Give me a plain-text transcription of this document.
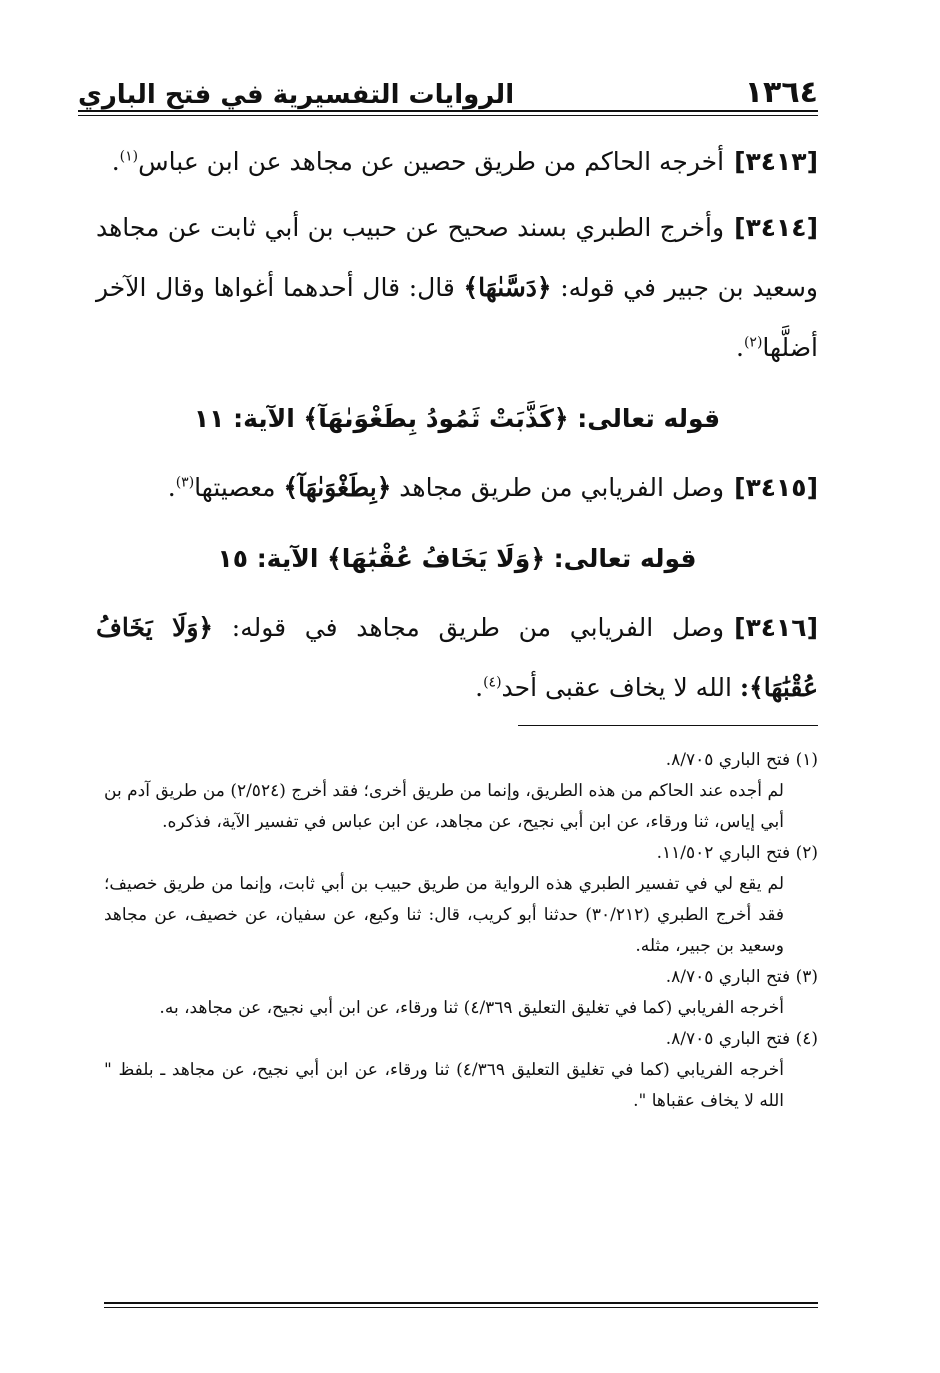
١٣٦٤
الروايات التفسيرية في فتح الباري

[٣٤١٣]أخرجه الحاكم من طريق حصين عن مجاهد عن ابن عباس$^{(١)}$.

[٣٤١٤]وأخرج الطبري بسند صحيح عن حبيب بن أبي ثابت عن مجاهد وسعيد بن جبير في قوله: ﴿دَسَّىٰهَا﴾ قال: قال أحدهما أغواها وقال الآخر أضلَّها$^{(٢)}$.

قوله تعالى: ﴿كَذَّبَتْ ثَمُودُ بِطَغْوَىٰهَآ﴾ الآية: ١١

[٣٤١٥]وصل الفريابي من طريق مجاهد ﴿بِطَغْوَىٰهَآ﴾ معصيتها$^{(٣)}$.

قوله تعالى: ﴿وَلَا يَخَافُ عُقْبَٰهَا﴾ الآية: ١٥

[٣٤١٦]وصل الفريابي من طريق مجاهد في قوله: ﴿وَلَا يَخَافُ عُقْبَٰهَا﴾: الله لا يخاف عقبى أحد$^{(٤)}$.

(١) فتح الباري ٨/٧٠٥.

لم أجده عند الحاكم من هذه الطريق، وإنما من طريق أخرى؛ فقد أخرج (٢/٥٢٤) من طريق آدم بن أبي إياس، ثنا ورقاء، عن ابن أبي نجيح، عن مجاهد، عن ابن عباس في تفسير الآية، فذكره.

(٢) فتح الباري ١١/٥٠٢.

لم يقع لي في تفسير الطبري هذه الرواية من طريق حبيب بن أبي ثابت، وإنما من طريق خصيف؛ فقد أخرج الطبري (٣٠/٢١٢) حدثنا أبو كريب، قال: ثنا وكيع، عن سفيان، عن خصيف، عن مجاهد وسعيد بن جبير، مثله.

(٣) فتح الباري ٨/٧٠٥.

أخرجه الفريابي (كما في تغليق التعليق ٤/٣٦٩) ثنا ورقاء، عن ابن أبي نجيح، عن مجاهد، به.

(٤) فتح الباري ٨/٧٠٥.

أخرجه الفريابي (كما في تغليق التعليق ٤/٣٦٩) ثنا ورقاء، عن ابن أبي نجيح، عن مجاهد ـ بلفظ " الله لا يخاف عقباها ".
